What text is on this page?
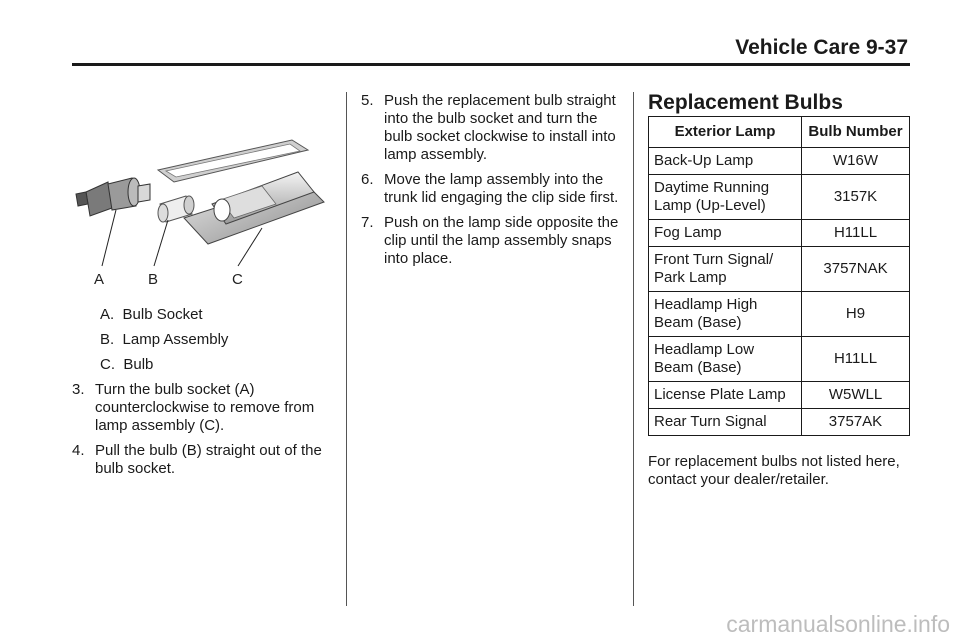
Vehicle Care 9-37
A	B	C
A. Bulb Socket
B. Lamp Assembly
C. Bulb
3. Turn the bulb socket (A) counterclockwise to remove from lamp assembly (C).
4. Pull the bulb (B) straight out of the bulb socket.
5. Push the replacement bulb straight into the bulb socket and turn the bulb socket clockwise to install into lamp assembly.
6. Move the lamp assembly into the trunk lid engaging the clip side first.
7. Push on the lamp side opposite the clip until the lamp assembly snaps into place.
Replacement Bulbs
Exterior Lamp	Bulb Number
Back-Up Lamp	W16W
Daytime Running Lamp (Up-Level)	3157K
Fog Lamp	H11LL
Front Turn Signal/ Park Lamp	3757NAK
Headlamp High Beam (Base)	H9
Headlamp Low Beam (Base)	H11LL
License Plate Lamp	W5WLL
Rear Turn Signal	3757AK
For replacement bulbs not listed here, contact your dealer/retailer.
carmanualsonline.info
